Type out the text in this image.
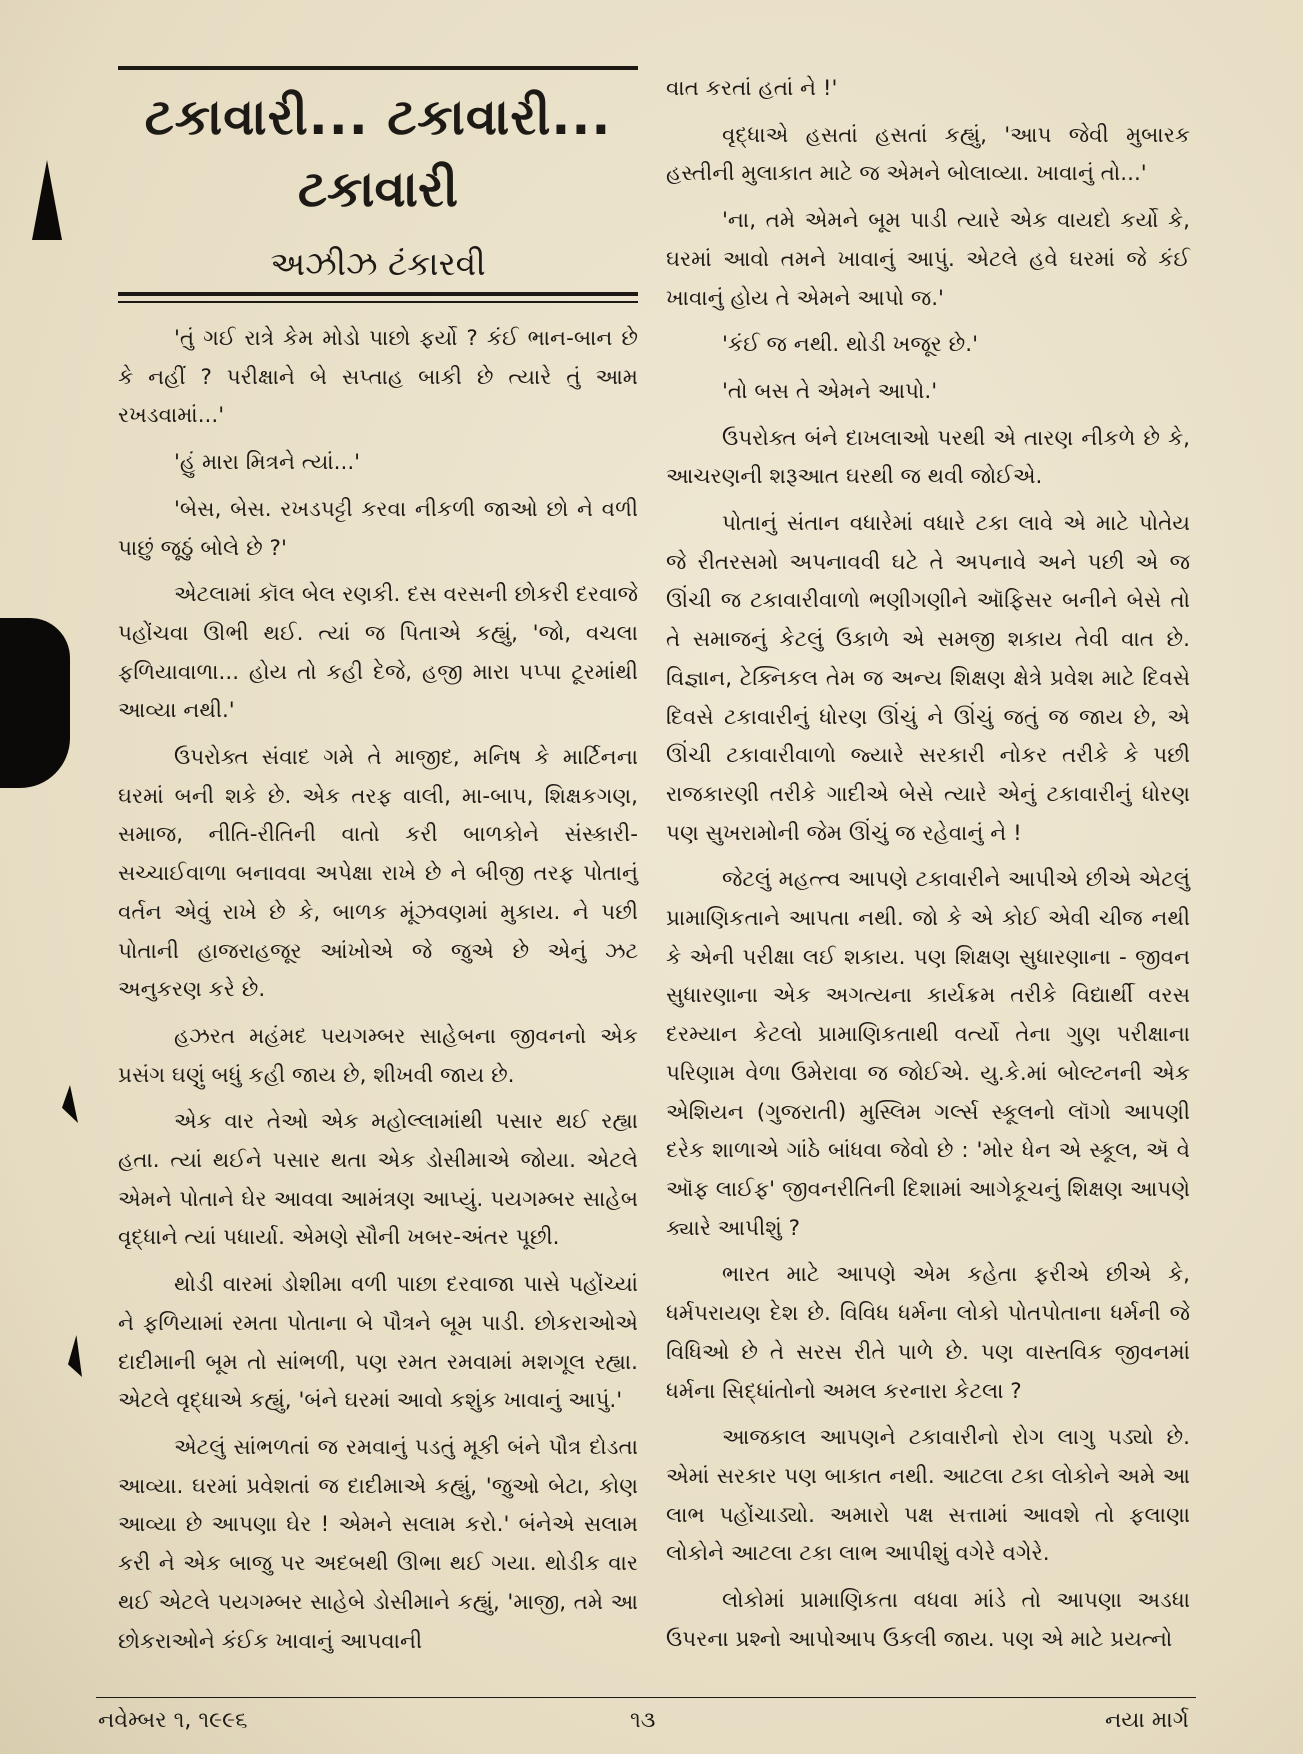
ટકાવારી... ટકાવારી...
ટકાવારી
અઝીઝ ટંકારવી

'તું ગઈ રાત્રે કેમ મોડો પાછો ફર્યો ? કંઈ ભાન-બાન છે કે નહીં ? પરીક્ષાને બે સપ્તાહ બાકી છે ત્યારે તું આમ રખડવામાં...'

'હું મારા મિત્રને ત્યાં...'

'બેસ, બેસ. રખડપટ્ટી કરવા નીકળી જાઓ છો ને વળી પાછું જૂઠું બોલે છે ?'

એટલામાં કૉલ બેલ રણકી. દસ વરસની છોકરી દરવાજે પહોંચવા ઊભી થઈ. ત્યાં જ પિતાએ કહ્યું, 'જો, વચલા ફળિયાવાળા... હોય તો કહી દેજે, હજી મારા પપ્પા ટૂરમાંથી આવ્યા નથી.'

ઉપરોક્ત સંવાદ ગમે તે માજીદ, મનિષ કે માર્ટિનના ઘરમાં બની શકે છે. એક તરફ વાલી, મા-બાપ, શિક્ષકગણ, સમાજ, નીતિ-રીતિની વાતો કરી બાળકોને સંસ્કારી-સચ્ચાઈવાળા બનાવવા અપેક્ષા રાખે છે ને બીજી તરફ પોતાનું વર્તન એવું રાખે છે કે, બાળક મૂંઝવણમાં મુકાય. ને પછી પોતાની હાજરાહજૂર આંખોએ જે જુએ છે એનું ઝટ અનુકરણ કરે છે.

હઝરત મહંમદ પયગમ્બર સાહેબના જીવનનો એક પ્રસંગ ઘણું બધું કહી જાય છે, શીખવી જાય છે.

એક વાર તેઓ એક મહોલ્લામાંથી પસાર થઈ રહ્યા હતા. ત્યાં થઈને પસાર થતા એક ડોસીમાએ જોયા. એટલે એમને પોતાને ઘેર આવવા આમંત્રણ આપ્યું. પયગમ્બર સાહેબ વૃદ્ધાને ત્યાં પધાર્યા. એમણે સૌની ખબર-અંતર પૂછી.

થોડી વારમાં ડોશીમા વળી પાછા દરવાજા પાસે પહોંચ્યાં ને ફળિયામાં રમતા પોતાના બે પૌત્રને બૂમ પાડી. છોકરાઓએ દાદીમાની બૂમ તો સાંભળી, પણ રમત રમવામાં મશગૂલ રહ્યા. એટલે વૃદ્ધાએ કહ્યું, 'બંને ઘરમાં આવો કશુંક ખાવાનું આપું.'

એટલું સાંભળતાં જ રમવાનું પડતું મૂકી બંને પૌત્ર દોડતા આવ્યા. ઘરમાં પ્રવેશતાં જ દાદીમાએ કહ્યું, 'જુઓ બેટા, કોણ આવ્યા છે આપણા ઘેર ! એમને સલામ કરો.' બંનેએ સલામ કરી ને એક બાજુ પર અદબથી ઊભા થઈ ગયા. થોડીક વાર થઈ એટલે પયગમ્બર સાહેબે ડોસીમાને કહ્યું, 'માજી, તમે આ છોકરાઓને કંઈક ખાવાનું આપવાની

વાત કરતાં હતાં ને !'

વૃદ્ધાએ હસતાં હસતાં કહ્યું, 'આપ જેવી મુબારક હસ્તીની મુલાકાત માટે જ એમને બોલાવ્યા. ખાવાનું તો...'

'ના, તમે એમને બૂમ પાડી ત્યારે એક વાયદો કર્યો કે, ઘરમાં આવો તમને ખાવાનું આપું. એટલે હવે ઘરમાં જે કંઈ ખાવાનું હોય તે એમને આપો જ.'

'કંઈ જ નથી. થોડી ખજૂર છે.'

'તો બસ તે એમને આપો.'

ઉપરોક્ત બંને દાખલાઓ પરથી એ તારણ નીકળે છે કે, આચરણની શરૂઆત ઘરથી જ થવી જોઈએ.

પોતાનું સંતાન વધારેમાં વધારે ટકા લાવે એ માટે પોતેય જે રીતરસમો અપનાવવી ઘટે તે અપનાવે અને પછી એ જ ઊંચી જ ટકાવારીવાળો ભણીગણીને ઑફિસર બનીને બેસે તો તે સમાજનું કેટલું ઉકાળે એ સમજી શકાય તેવી વાત છે. વિજ્ઞાન, ટેક્નિકલ તેમ જ અન્ય શિક્ષણ ક્ષેત્રે પ્રવેશ માટે દિવસે દિવસે ટકાવારીનું ધોરણ ઊંચું ને ઊંચું જતું જ જાય છે, એ ઊંચી ટકાવારીવાળો જ્યારે સરકારી નોકર તરીકે કે પછી રાજકારણી તરીકે ગાદીએ બેસે ત્યારે એનું ટકાવારીનું ધોરણ પણ સુખરામોની જેમ ઊંચું જ રહેવાનું ને !

જેટલું મહત્ત્વ આપણે ટકાવારીને આપીએ છીએ એટલું પ્રામાણિકતાને આપતા નથી. જો કે એ કોઈ એવી ચીજ નથી કે એની પરીક્ષા લઈ શકાય. પણ શિક્ષણ સુધારણાના - જીવન સુધારણાના એક અગત્યના કાર્યક્રમ તરીકે વિદ્યાર્થી વરસ દરમ્યાન કેટલો પ્રામાણિકતાથી વર્ત્યો તેના ગુણ પરીક્ષાના પરિણામ વેળા ઉમેરાવા જ જોઈએ. યુ.કે.માં બોલ્ટનની એક એશિયન (ગુજરાતી) મુસ્લિમ ગર્લ્સ સ્કૂલનો લૉગો આપણી દરેક શાળાએ ગાંઠે બાંધવા જેવો છે : 'મોર ધેન એ સ્કૂલ, ઍ વે ઑફ લાઈફ' જીવનરીતિની દિશામાં આગેકૂચનું શિક્ષણ આપણે ક્યારે આપીશું ?

ભારત માટે આપણે એમ કહેતા ફરીએ છીએ કે, ધર્મપરાયણ દેશ છે. વિવિધ ધર્મના લોકો પોતપોતાના ધર્મની જે વિધિઓ છે તે સરસ રીતે પાળે છે. પણ વાસ્તવિક જીવનમાં ધર્મના સિદ્ધાંતોનો અમલ કરનારા કેટલા ?

આજકાલ આપણને ટકાવારીનો રોગ લાગુ પડ્યો છે. એમાં સરકાર પણ બાકાત નથી. આટલા ટકા લોકોને અમે આ લાભ પહોંચાડ્યો. અમારો પક્ષ સત્તામાં આવશે તો ફલાણા લોકોને આટલા ટકા લાભ આપીશું વગેરે વગેરે.

લોકોમાં પ્રામાણિકતા વધવા માંડે તો આપણા અડધા ઉપરના પ્રશ્નો આપોઆપ ઉકલી જાય. પણ એ માટે પ્રયત્નો

નવેમ્બર ૧, ૧૯૯૬	૧૩	નયા માર્ગ
